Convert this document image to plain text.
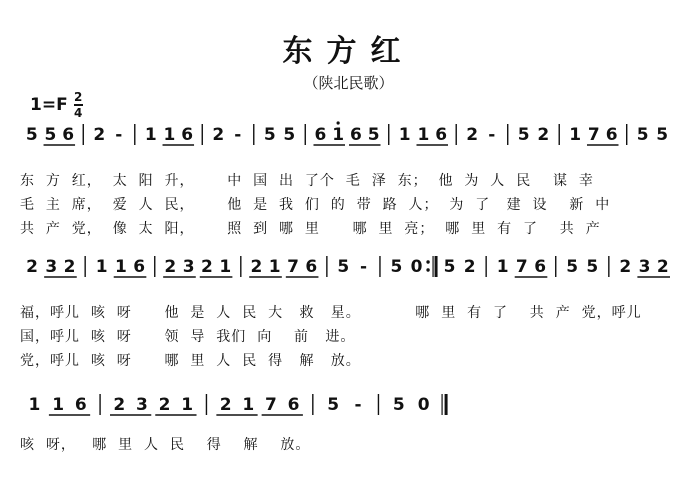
东方红
（陕北民歌）
1=F 2
4
5 5 6 2 - 1 1 6 2 - 5 5 6 1 6 5 1 1 6 2 - 5 2 1 7 6 5 5
2 3 2 1 1 6 2 3 2 1 2 1 7 6 5 - 5 0 5 2 1 7 6 5 5 2 3 2
1 1 6 2 3 2 1 2 1 7 6 5 - 5 0
东  方  红，  太  阳  升，      中  国  出  了个  毛  泽  东；  他  为  人  民    谋  幸
毛  主  席，  爱  人  民，      他  是  我  们  的  带  路  人；  为  了   建  设    新  中
共  产  党，  像  太  阳，      照  到  哪  里      哪  里  亮；  哪  里  有  了    共  产
福，呼儿  咳  呀      他  是  人  民  大   救   星。          哪  里  有  了    共  产  党，呼儿
国，呼儿  咳  呀      领  导  我们  向    前   进。
党，呼儿  咳  呀      哪  里  人  民  得   解   放。
咳  呀，   哪  里  人  民    得    解    放。
